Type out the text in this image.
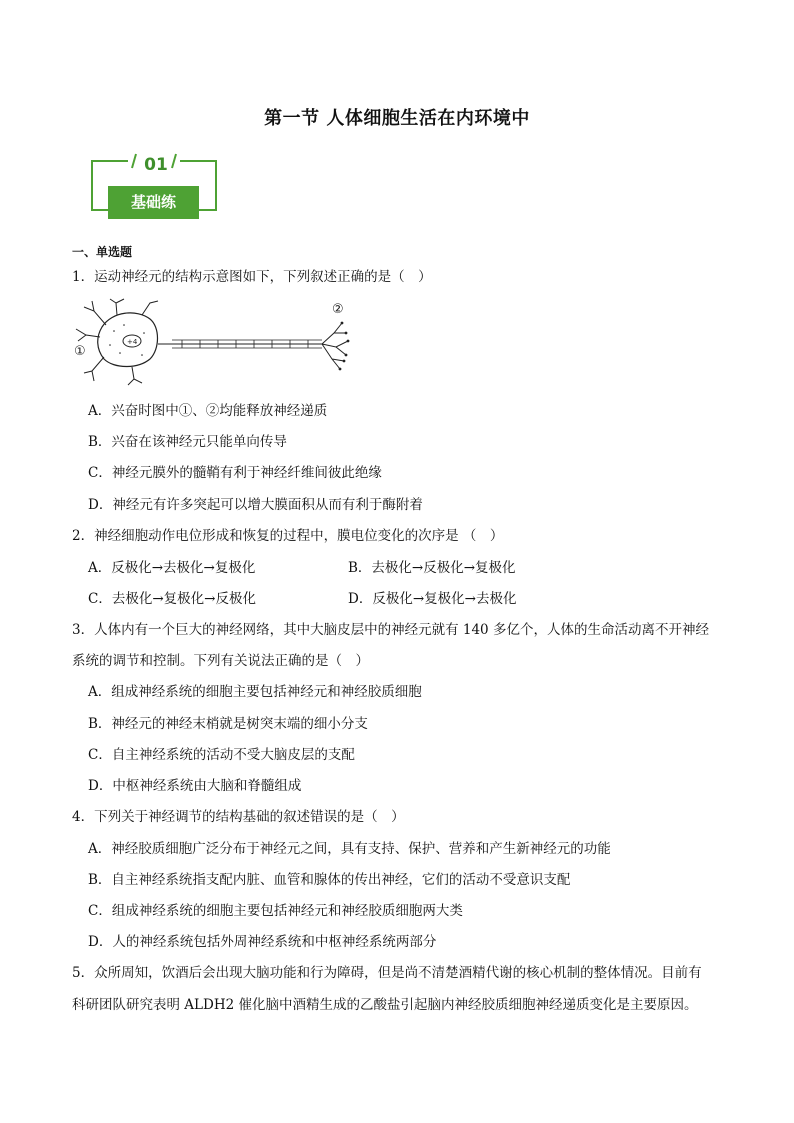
第一节 人体细胞生活在内环境中
01
基础练
一、单选题
1．运动神经元的结构示意图如下，下列叙述正确的是（　）
+4
①
②
A．兴奋时图中①、②均能释放神经递质
B．兴奋在该神经元只能单向传导
C．神经元膜外的髓鞘有利于神经纤维间彼此绝缘
D．神经元有许多突起可以增大膜面积从而有利于酶附着
2．神经细胞动作电位形成和恢复的过程中，膜电位变化的次序是 （　）
A．反极化→去极化→复极化	B．去极化→反极化→复极化
C．去极化→复极化→反极化	D．反极化→复极化→去极化
3．人体内有一个巨大的神经网络，其中大脑皮层中的神经元就有 140 多亿个，人体的生命活动离不开神经
系统的调节和控制。下列有关说法正确的是（　）
A．组成神经系统的细胞主要包括神经元和神经胶质细胞
B．神经元的神经末梢就是树突末端的细小分支
C．自主神经系统的活动不受大脑皮层的支配
D．中枢神经系统由大脑和脊髓组成
4．下列关于神经调节的结构基础的叙述错误的是（　）
A．神经胶质细胞广泛分布于神经元之间，具有支持、保护、营养和产生新神经元的功能
B．自主神经系统指支配内脏、血管和腺体的传出神经，它们的活动不受意识支配
C．组成神经系统的细胞主要包括神经元和神经胶质细胞两大类
D．人的神经系统包括外周神经系统和中枢神经系统两部分
5．众所周知，饮酒后会出现大脑功能和行为障碍，但是尚不清楚酒精代谢的核心机制的整体情况。目前有
科研团队研究表明 ALDH2 催化脑中酒精生成的乙酸盐引起脑内神经胶质细胞神经递质变化是主要原因。
